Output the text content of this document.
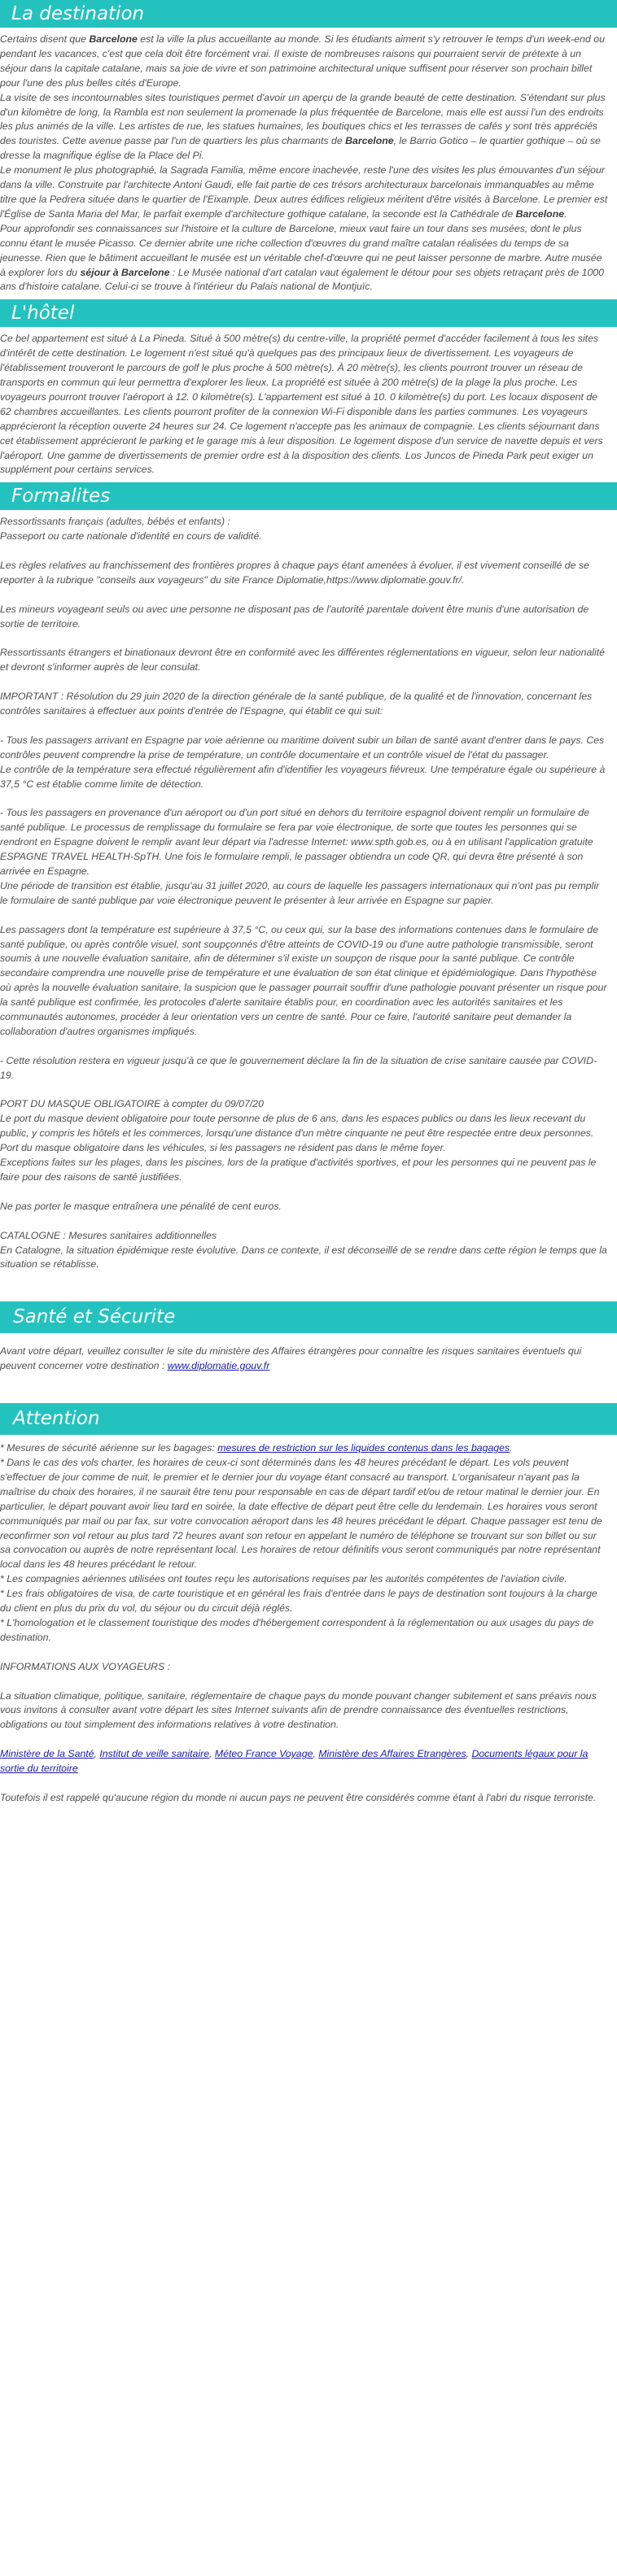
La destination

Certains disent que Barcelone est la ville la plus accueillante au monde. Si les étudiants aiment s'y retrouver le temps d'un week-end ou pendant les vacances, c'est que cela doit être forcément vrai. Il existe de nombreuses raisons qui pourraient servir de prétexte à un séjour dans la capitale catalane, mais sa joie de vivre et son patrimoine architectural unique suffisent pour réserver son prochain billet pour l'une des plus belles cités d'Europe.

La visite de ses incontournables sites touristiques permet d'avoir un aperçu de la grande beauté de cette destination. S'étendant sur plus d'un kilomètre de long, la Rambla est non seulement la promenade la plus fréquentée de Barcelone, mais elle est aussi l'un des endroits les plus animés de la ville. Les artistes de rue, les statues humaines, les boutiques chics et les terrasses de cafés y sont très appréciés des touristes. Cette avenue passe par l'un de quartiers les plus charmants de Barcelone, le Barrio Gotico – le quartier gothique – où se dresse la magnifique église de la Place del Pi.

Le monument le plus photographié, la Sagrada Familia, même encore inachevée, reste l'une des visites les plus émouvantes d'un séjour dans la ville. Construite par l'architecte Antoni Gaudi, elle fait partie de ces trésors architecturaux barcelonais immanquables au même titre que la Pedrera située dans le quartier de l'Eixample. Deux autres édifices religieux méritent d'être visités à Barcelone. Le premier est l'Église de Santa Maria del Mar, le parfait exemple d'architecture gothique catalane, la seconde est la Cathédrale de Barcelone.

Pour approfondir ses connaissances sur l'histoire et la culture de Barcelone, mieux vaut faire un tour dans ses musées, dont le plus connu étant le musée Picasso. Ce dernier abrite une riche collection d'œuvres du grand maître catalan réalisées du temps de sa jeunesse. Rien que le bâtiment accueillant le musée est un véritable chef-d'œuvre qui ne peut laisser personne de marbre. Autre musée à explorer lors du séjour à Barcelone : Le Musée national d'art catalan vaut également le détour pour ses objets retraçant près de 1000 ans d'histoire catalane. Celui-ci se trouve à l'intérieur du Palais national de Montjuïc.

L'hôtel

Ce bel appartement est situé à La Pineda. Situé à 500 mètre(s) du centre-ville, la propriété permet d'accéder facilement à tous les sites d'intérêt de cette destination. Le logement n'est situé qu'à quelques pas des principaux lieux de divertissement. Les voyageurs de l'établissement trouveront le parcours de golf le plus proche à 500 mètre(s). À 20 mètre(s), les clients pourront trouver un réseau de transports en commun qui leur permettra d'explorer les lieux. La propriété est située à 200 mètre(s) de la plage la plus proche. Les voyageurs pourront trouver l'aéroport à 12. 0 kilomètre(s). L'appartement est situé à 10. 0 kilomètre(s) du port. Les locaux disposent de 62 chambres accueillantes. Les clients pourront profiter de la connexion Wi-Fi disponible dans les parties communes. Les voyageurs apprécieront la réception ouverte 24 heures sur 24. Ce logement n'accepte pas les animaux de compagnie. Les clients séjournant dans cet établissement apprécieront le parking et le garage mis à leur disposition. Le logement dispose d'un service de navette depuis et vers l'aéroport. Une gamme de divertissements de premier ordre est à la disposition des clients. Los Juncos de Pineda Park peut exiger un supplément pour certains services.

Formalites

Ressortissants français (adultes, bébés et enfants) :

Passeport ou carte nationale d'identité en cours de validité.

Les règles relatives au franchissement des frontières propres à chaque pays étant amenées à évoluer, il est vivement conseillé de se reporter à la rubrique "conseils aux voyageurs" du site France Diplomatie,https://www.diplomatie.gouv.fr/.

Les mineurs voyageant seuls ou avec une personne ne disposant pas de l'autorité parentale doivent être munis d'une autorisation de sortie de territoire.

Ressortissants étrangers et binationaux devront être en conformité avec les différentes réglementations en vigueur, selon leur nationalité et devront s'informer auprès de leur consulat.

IMPORTANT : Résolution du 29 juin 2020 de la direction générale de la santé publique, de la qualité et de l'innovation, concernant les contrôles sanitaires à effectuer aux points d'entrée de l'Espagne, qui établit ce qui suit:

- Tous les passagers arrivant en Espagne par voie aérienne ou maritime doivent subir un bilan de santé avant d'entrer dans le pays. Ces contrôles peuvent comprendre la prise de température, un contrôle documentaire et un contrôle visuel de l'état du passager.

Le contrôle de la température sera effectué régulièrement afin d'identifier les voyageurs fiévreux. Une température égale ou supérieure à 37,5 °C est établie comme limite de détection.

- Tous les passagers en provenance d'un aéroport ou d'un port situé en dehors du territoire espagnol doivent remplir un formulaire de santé publique. Le processus de remplissage du formulaire se fera par voie électronique, de sorte que toutes les personnes qui se rendront en Espagne doivent le remplir avant leur départ via l'adresse Internet: www.spth.gob.es, ou à en utilisant l'application gratuite ESPAGNE TRAVEL HEALTH-SpTH. Une fois le formulaire rempli, le passager obtiendra un code QR, qui devra être présenté à son arrivée en Espagne.

Une période de transition est établie, jusqu'au 31 juillet 2020, au cours de laquelle les passagers internationaux qui n'ont pas pu remplir le formulaire de santé publique par voie électronique peuvent le présenter à leur arrivée en Espagne sur papier.

Les passagers dont la température est supérieure à 37,5 °C, ou ceux qui, sur la base des informations contenues dans le formulaire de santé publique, ou après contrôle visuel, sont soupçonnés d'être atteints de COVID-19 ou d'une autre pathologie transmissible, seront soumis à une nouvelle évaluation sanitaire, afin de déterminer s'il existe un soupçon de risque pour la santé publique. Ce contrôle secondaire comprendra une nouvelle prise de température et une évaluation de son état clinique et épidémiologique. Dans l'hypothèse où après la nouvelle évaluation sanitaire, la suspicion que le passager pourrait souffrir d'une pathologie pouvant présenter un risque pour la santé publique est confirmée, les protocoles d'alerte sanitaire établis pour, en coordination avec les autorités sanitaires et les communautés autonomes, procéder à leur orientation vers un centre de santé. Pour ce faire, l'autorité sanitaire peut demander la collaboration d'autres organismes impliqués.

- Cette résolution restera en vigueur jusqu'à ce que le gouvernement déclare la fin de la situation de crise sanitaire causée par COVID-19.

PORT DU MASQUE OBLIGATOIRE à compter du 09/07/20

Le port du masque devient obligatoire pour toute personne de plus de 6 ans, dans les espaces publics ou dans les lieux recevant du public, y compris les hôtels et les commerces, lorsqu'une distance d'un mètre cinquante ne peut être respectée entre deux personnes.

Port du masque obligatoire dans les véhicules, si les passagers ne résident pas dans le même foyer.

Exceptions faites sur les plages, dans les piscines, lors de la pratique d'activités sportives, et pour les personnes qui ne peuvent pas le faire pour des raisons de santé justifiées.

Ne pas porter le masque entraînera une pénalité de cent euros.

CATALOGNE : Mesures sanitaires additionnelles

En Catalogne, la situation épidémique reste évolutive. Dans ce contexte, il est déconseillé de se rendre dans cette région le temps que la situation se rétablisse.

Santé et Sécurite

Avant votre départ, veuillez consulter le site du ministère des Affaires étrangères pour connaître les risques sanitaires éventuels qui peuvent concerner votre destination : www.diplomatie.gouv.fr

Attention

* Mesures de sécurité aérienne sur les bagages: mesures de restriction sur les liquides contenus dans les bagages.

* Dans le cas des vols charter, les horaires de ceux-ci sont déterminés dans les 48 heures précédant le départ. Les vols peuvent s'effectuer de jour comme de nuit, le premier et le dernier jour du voyage étant consacré au transport. L'organisateur n'ayant pas la maîtrise du choix des horaires, il ne saurait être tenu pour responsable en cas de départ tardif et/ou de retour matinal le dernier jour. En particulier, le départ pouvant avoir lieu tard en soirée, la date effective de départ peut être celle du lendemain. Les horaires vous seront communiqués par mail ou par fax, sur votre convocation aéroport dans les 48 heures précédant le départ. Chaque passager est tenu de reconfirmer son vol retour au plus tard 72 heures avant son retour en appelant le numéro de téléphone se trouvant sur son billet ou sur sa convocation ou auprès de notre représentant local. Les horaires de retour définitifs vous seront communiqués par notre représentant local dans les 48 heures précédant le retour.

* Les compagnies aériennes utilisées ont toutes reçu les autorisations requises par les autorités compétentes de l'aviation civile.

* Les frais obligatoires de visa, de carte touristique et en général les frais d'entrée dans le pays de destination sont toujours à la charge du client en plus du prix du vol, du séjour ou du circuit déjà réglés.

* L'homologation et le classement touristique des modes d'hébergement correspondent à la réglementation ou aux usages du pays de destination.

INFORMATIONS AUX VOYAGEURS :

La situation climatique, politique, sanitaire, réglementaire de chaque pays du monde pouvant changer subitement et sans préavis nous vous invitons à consulter avant votre départ les sites Internet suivants afin de prendre connaissance des éventuelles restrictions, obligations ou tout simplement des informations relatives à votre destination.

Ministère de la Santé, Institut de veille sanitaire, Méteo France Voyage, Ministère des Affaires Etrangères, Documents légaux pour la sortie du territoire

Toutefois il est rappelé qu'aucune région du monde ni aucun pays ne peuvent être considérés comme étant à l'abri du risque terroriste.
